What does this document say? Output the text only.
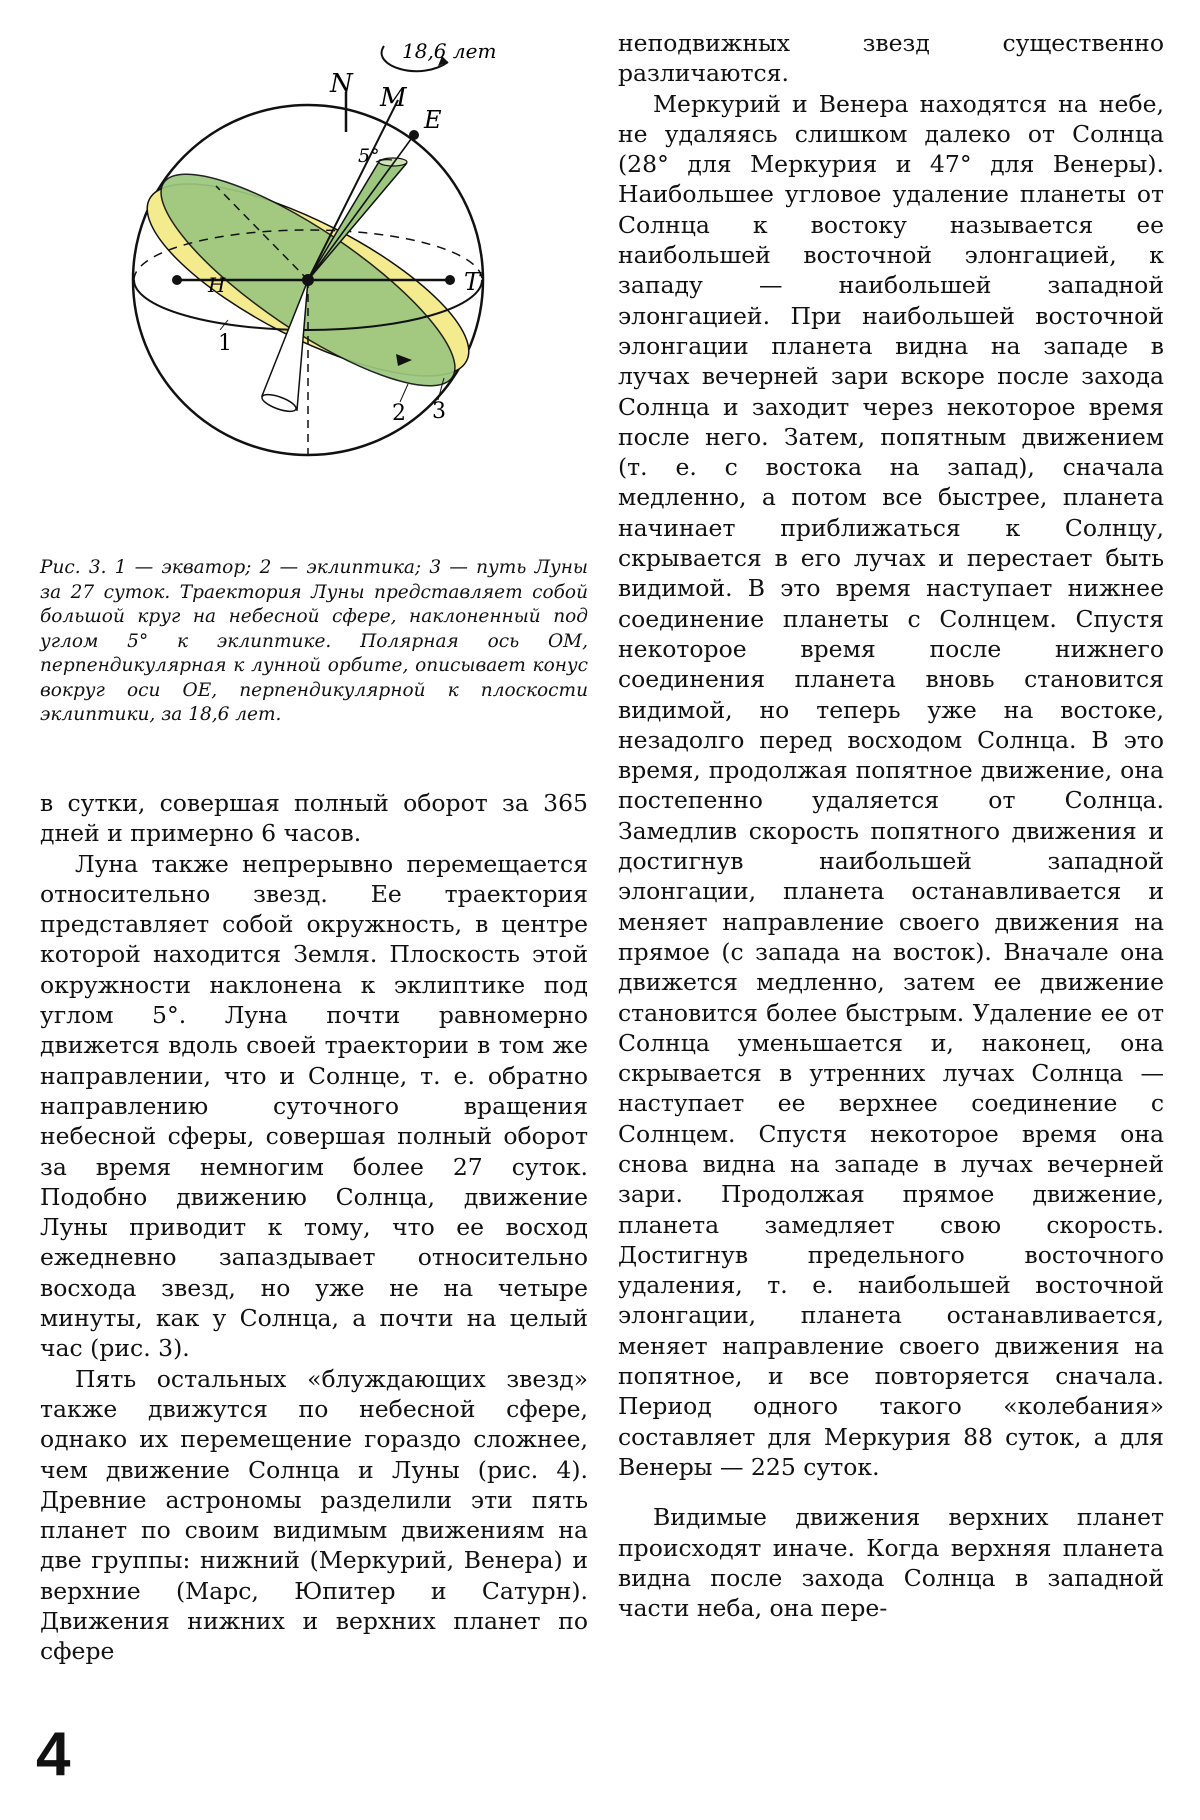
18,6 лет
N M
E
5°
H	T
1
2 3
Рис. 3. 1 — экватор; 2 — эклиптика; 3 — путь Луны за 27 суток. Траектория Луны представляет собой большой круг на небесной сфере, наклоненный под углом 5° к эклиптике. Полярная ось OM, перпендикулярная к лунной орбите, описывает конус вокруг оси OE, перпендикулярной к плоскости эклиптики, за 18,6 лет.

в сутки, совершая полный оборот за 365 дней и примерно 6 часов.

Луна также непрерывно перемещается относительно звезд. Ее траектория представляет собой окружность, в центре которой находится Земля. Плоскость этой окружности наклонена к эклиптике под углом 5°. Луна почти равномерно движется вдоль своей траектории в том же направлении, что и Солнце, т. е. обратно направлению суточного вращения небесной сферы, совершая полный оборот за время немногим более 27 суток. Подобно движению Солнца, движение Луны приводит к тому, что ее восход ежедневно запаздывает относительно восхода звезд, но уже не на четыре минуты, как у Солнца, а почти на целый час (рис. 3).

Пять остальных «блуждающих звезд» также движутся по небесной сфере, однако их перемещение гораздо сложнее, чем движение Солнца и Луны (рис. 4). Древние астрономы разделили эти пять планет по своим видимым движениям на две группы: нижний (Меркурий, Венера) и верхние (Марс, Юпитер и Сатурн). Движения нижних и верхних планет по сфере

неподвижных звезд существенно различаются.

Меркурий и Венера находятся на небе, не удаляясь слишком далеко от Солнца (28° для Меркурия и 47° для Венеры). Наибольшее угловое удаление планеты от Солнца к востоку называется ее наибольшей восточной элонгацией, к западу — наибольшей западной элонгацией. При наибольшей восточной элонгации планета видна на западе в лучах вечерней зари вскоре после захода Солнца и заходит через некоторое время после него. Затем, попятным движением (т. е. с востока на запад), сначала медленно, а потом все быстрее, планета начинает приближаться к Солнцу, скрывается в его лучах и перестает быть видимой. В это время наступает нижнее соединение планеты с Солнцем. Спустя некоторое время после нижнего соединения планета вновь становится видимой, но теперь уже на востоке, незадолго перед восходом Солнца. В это время, продолжая попятное движение, она постепенно удаляется от Солнца. Замедлив скорость попятного движения и достигнув наибольшей западной элонгации, планета останавливается и меняет направление своего движения на прямое (с запада на восток). Вначале она движется медленно, затем ее движение становится более быстрым. Удаление ее от Солнца уменьшается и, наконец, она скрывается в утренних лучах Солнца — наступает ее верхнее соединение с Солнцем. Спустя некоторое время она снова видна на западе в лучах вечерней зари. Продолжая прямое движение, планета замедляет свою скорость. Достигнув предельного восточного удаления, т. е. наибольшей восточной элонгации, планета останавливается, меняет направление своего движения на попятное, и все повторяется сначала. Период одного такого «колебания» составляет для Меркурия 88 суток, а для Венеры — 225 суток.

Видимые движения верхних планет происходят иначе. Когда верхняя планета видна после захода Солнца в западной части неба, она пере-

4
